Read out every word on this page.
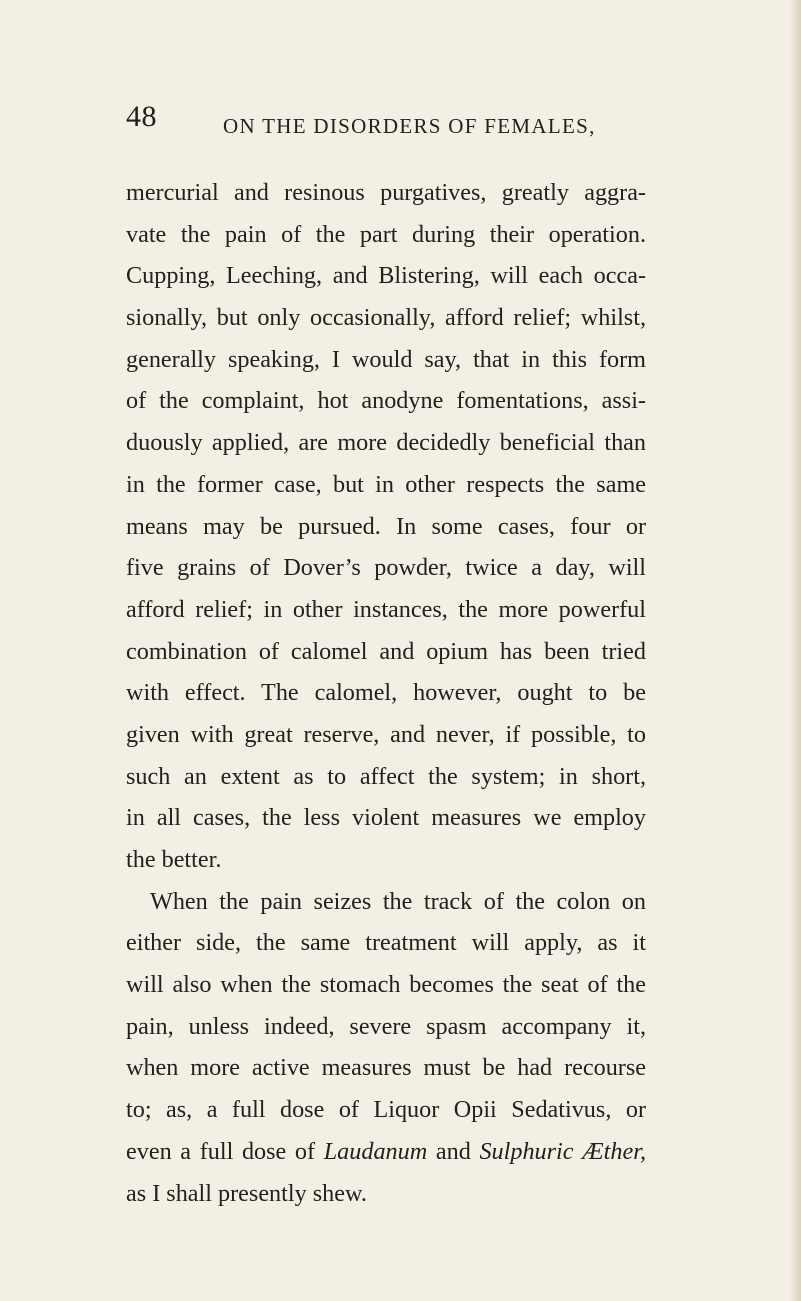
48	ON THE DISORDERS OF FEMALES,
mercurial and resinous purgatives, greatly aggra-
vate the pain of the part during their operation.
Cupping, Leeching, and Blistering, will each occa-
sionally, but only occasionally, afford relief; whilst,
generally speaking, I would say, that in this form
of the complaint, hot anodyne fomentations, assi-
duously applied, are more decidedly beneficial than
in the former case, but in other respects the same
means may be pursued. In some cases, four or
five grains of Dover’s powder, twice a day, will
afford relief; in other instances, the more powerful
combination of calomel and opium has been tried
with effect. The calomel, however, ought to be
given with great reserve, and never, if possible, to
such an extent as to affect the system; in short,
in all cases, the less violent measures we employ
the better.
When the pain seizes the track of the colon on
either side, the same treatment will apply, as it
will also when the stomach becomes the seat of the
pain, unless indeed, severe spasm accompany it,
when more active measures must be had recourse
to; as, a full dose of Liquor Opii Sedativus, or
even a full dose of Laudanum and Sulphuric Æther,
as I shall presently shew.
